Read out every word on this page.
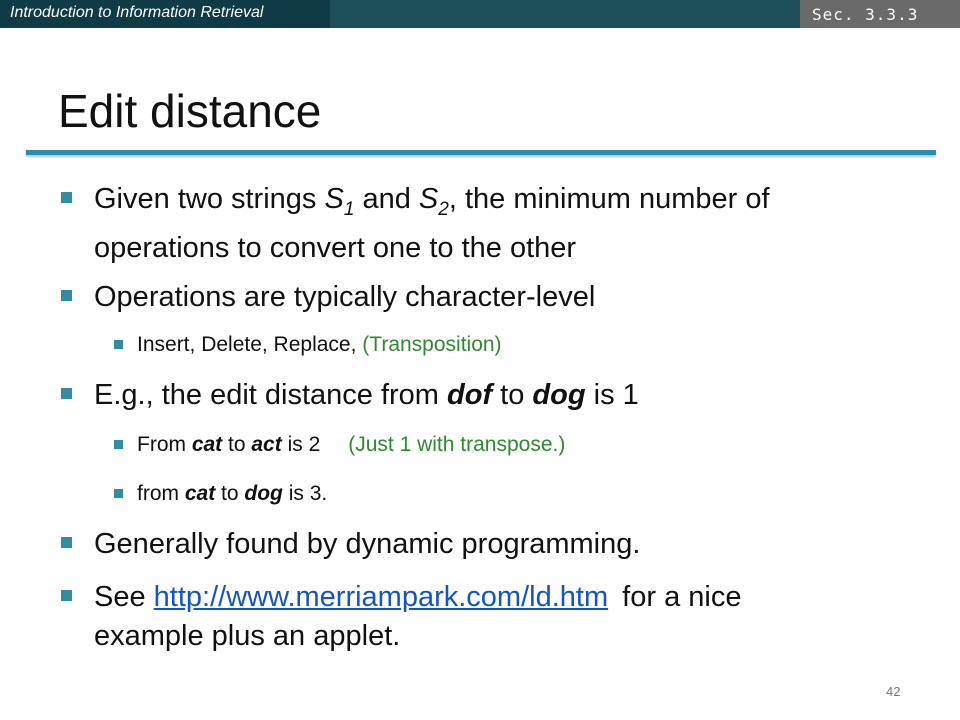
Introduction to Information Retrieval	Sec. 3.3.3
Edit distance
Given two strings $S_1$ and $S_2$, the minimum number of
operations to convert one to the other
Operations are typically character-level
Insert, Delete, Replace, (Transposition)
E.g., the edit distance from dof to dog is 1
From cat to act is 2 (Just 1 with transpose.)
from cat to dog is 3.
Generally found by dynamic programming.
See http://www.merriampark.com/ld.htm for a nice
example plus an applet.
42
